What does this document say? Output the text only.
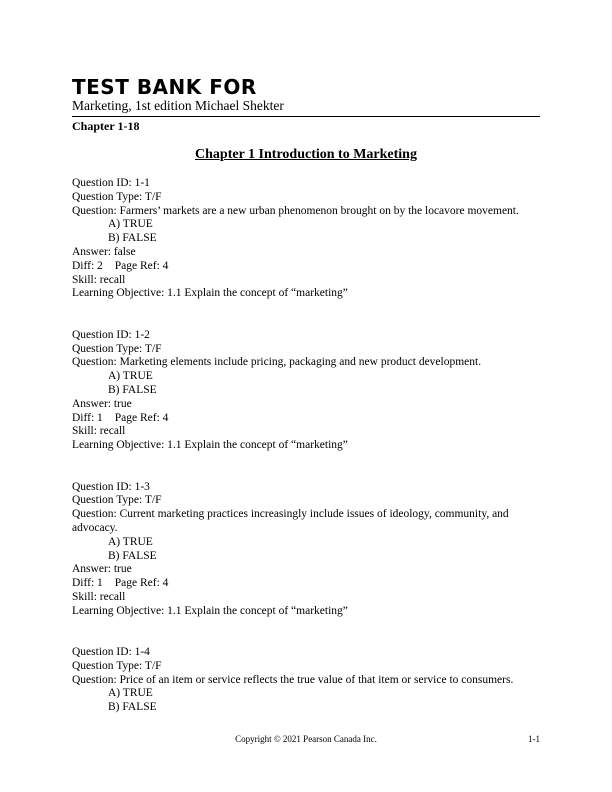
TEST BANK FOR
Marketing, 1st edition Michael Shekter
Chapter 1-18
Chapter 1 Introduction to Marketing
Question ID: 1-1
Question Type: T/F
Question: Farmers’ markets are a new urban phenomenon brought on by the locavore movement.
A) TRUE
B) FALSE
Answer: false
Diff: 2 Page Ref: 4
Skill: recall
Learning Objective: 1.1 Explain the concept of “marketing”
Question ID: 1-2
Question Type: T/F
Question: Marketing elements include pricing, packaging and new product development.
A) TRUE
B) FALSE
Answer: true
Diff: 1 Page Ref: 4
Skill: recall
Learning Objective: 1.1 Explain the concept of “marketing”
Question ID: 1-3
Question Type: T/F
Question: Current marketing practices increasingly include issues of ideology, community, and
advocacy.
A) TRUE
B) FALSE
Answer: true
Diff: 1 Page Ref: 4
Skill: recall
Learning Objective: 1.1 Explain the concept of “marketing”
Question ID: 1-4
Question Type: T/F
Question: Price of an item or service reflects the true value of that item or service to consumers.
A) TRUE
B) FALSE
Copyright © 2021 Pearson Canada Inc.	1-1
